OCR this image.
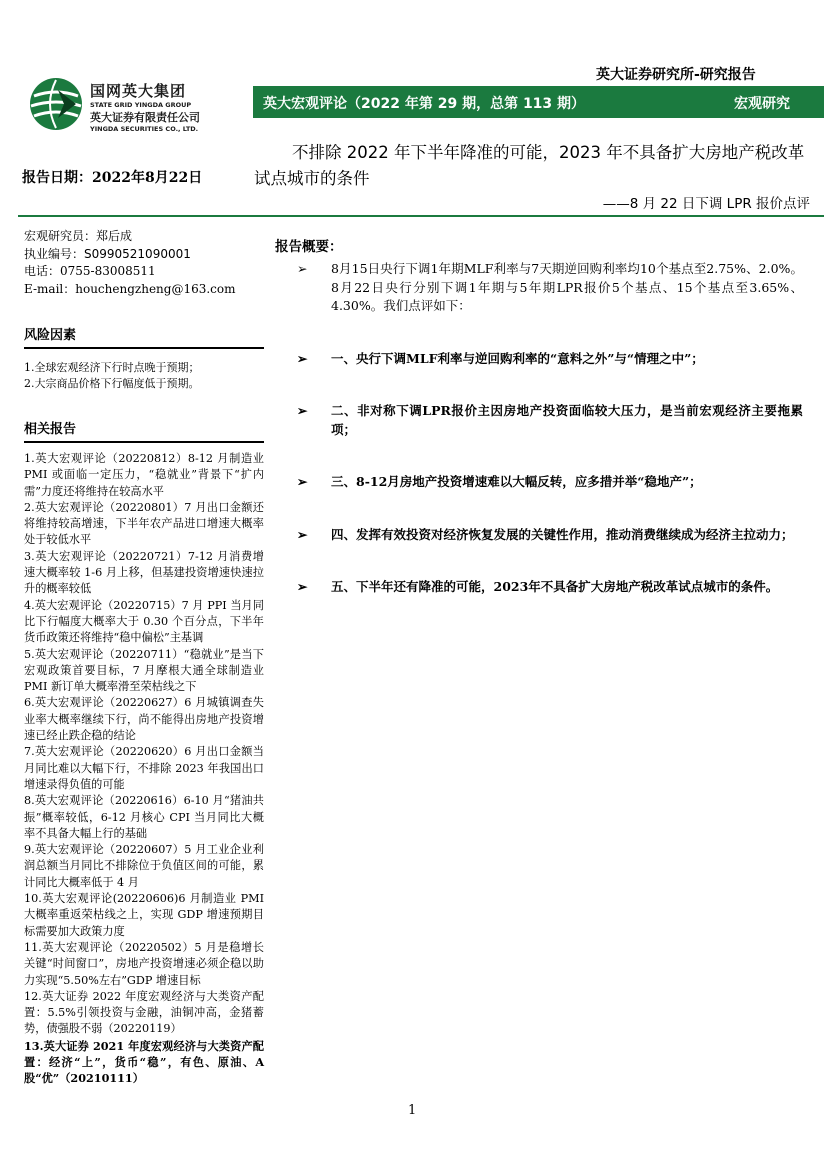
英大证券研究所-研究报告
国网英大集团
STATE GRID YINGDA GROUP
英大证券有限责任公司
YINGDA SECURITIES CO., LTD.
英大宏观评论（2022 年第 29 期，总第 113 期）	宏观研究
报告日期：2022年8月22日
不排除 2022 年下半年降准的可能，2023 年不具备扩大房地产税改革试点城市的条件
——8 月 22 日下调 LPR 报价点评
宏观研究员：郑后成
执业编号：S0990521090001
电话：0755-83008511
E-mail：houchengzheng@163.com
风险因素
1.全球宏观经济下行时点晚于预期；
2.大宗商品价格下行幅度低于预期。
相关报告
1.英大宏观评论（20220812）8-12 月制造业 PMI 或面临一定压力，“稳就业”背景下“扩内需”力度还将维持在较高水平
2.英大宏观评论（20220801）7 月出口金额还将维持较高增速，下半年农产品进口增速大概率处于较低水平
3.英大宏观评论（20220721）7-12 月消费增速大概率较 1-6 月上移，但基建投资增速快速拉升的概率较低
4.英大宏观评论（20220715）7 月 PPI 当月同比下行幅度大概率大于 0.30 个百分点，下半年货币政策还将维持“稳中偏松”主基调
5.英大宏观评论（20220711）“稳就业”是当下宏观政策首要目标，7 月摩根大通全球制造业 PMI 新订单大概率滑至荣枯线之下
6.英大宏观评论（20220627）6 月城镇调查失业率大概率继续下行，尚不能得出房地产投资增速已经止跌企稳的结论
7.英大宏观评论（20220620）6 月出口金额当月同比难以大幅下行，不排除 2023 年我国出口增速录得负值的可能
8.英大宏观评论（20220616）6-10 月“猪油共振”概率较低，6-12 月核心 CPI 当月同比大概率不具备大幅上行的基础
9.英大宏观评论（20220607）5 月工业企业利润总额当月同比不排除位于负值区间的可能，累计同比大概率低于 4 月
10.英大宏观评论(20220606)6 月制造业 PMI 大概率重返荣枯线之上，实现 GDP 增速预期目标需要加大政策力度
11.英大宏观评论（20220502）5 月是稳增长关键“时间窗口”，房地产投资增速必须企稳以助力实现“5.50%左右”GDP 增速目标
12.英大证券 2022 年度宏观经济与大类资产配置：5.5%引领投资与金融，油铜冲高，金猪蓄势，债强股不弱（20220119）
13.英大证券 2021 年度宏观经济与大类资产配置：经济“上”，货币“稳”，有色、原油、A 股“优”（20210111）
报告概要：
➢ 8月15日央行下调1年期MLF利率与7天期逆回购利率均10个基点至2.75%、2.0%。8月22日央行分别下调1年期与5年期LPR报价5个基点、15个基点至3.65%、4.30%。我们点评如下：
➢ 一、央行下调MLF利率与逆回购利率的“意料之外”与“情理之中”；
➢ 二、非对称下调LPR报价主因房地产投资面临较大压力，是当前宏观经济主要拖累项；
➢ 三、8-12月房地产投资增速难以大幅反转，应多措并举“稳地产”；
➢ 四、发挥有效投资对经济恢复发展的关键性作用，推动消费继续成为经济主拉动力；
➢ 五、下半年还有降准的可能，2023年不具备扩大房地产税改革试点城市的条件。
1
